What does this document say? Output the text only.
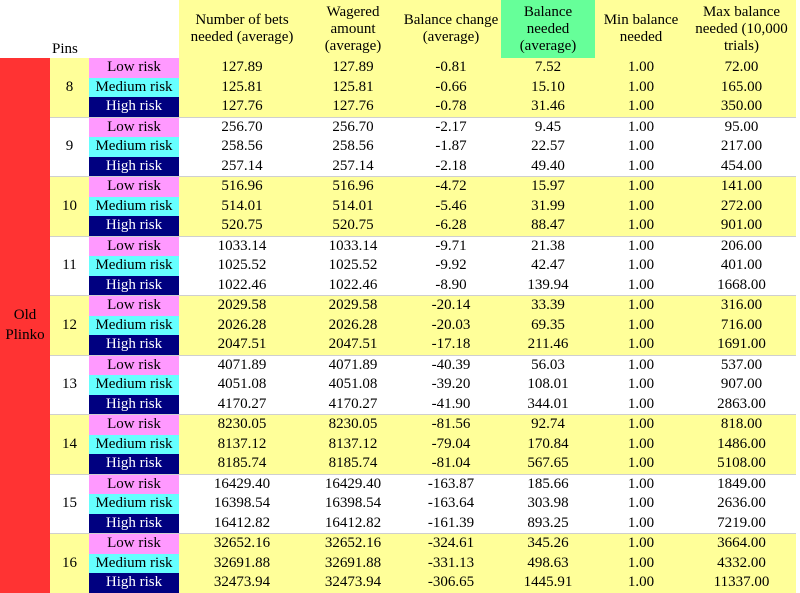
	Pins		Number of bets needed (average)	Wagered amount (average)	Balance change (average)	Balance needed (average)	Min balance needed	Max balance needed (10,000 trials)
Old Plinko	8	Low risk	127.89	127.89	-0.81	7.52	1.00	72.00
		Medium risk	125.81	125.81	-0.66	15.10	1.00	165.00
		High risk	127.76	127.76	-0.78	31.46	1.00	350.00
	9	Low risk	256.70	256.70	-2.17	9.45	1.00	95.00
		Medium risk	258.56	258.56	-1.87	22.57	1.00	217.00
		High risk	257.14	257.14	-2.18	49.40	1.00	454.00
	10	Low risk	516.96	516.96	-4.72	15.97	1.00	141.00
		Medium risk	514.01	514.01	-5.46	31.99	1.00	272.00
		High risk	520.75	520.75	-6.28	88.47	1.00	901.00
	11	Low risk	1033.14	1033.14	-9.71	21.38	1.00	206.00
		Medium risk	1025.52	1025.52	-9.92	42.47	1.00	401.00
		High risk	1022.46	1022.46	-8.90	139.94	1.00	1668.00
	12	Low risk	2029.58	2029.58	-20.14	33.39	1.00	316.00
		Medium risk	2026.28	2026.28	-20.03	69.35	1.00	716.00
		High risk	2047.51	2047.51	-17.18	211.46	1.00	1691.00
	13	Low risk	4071.89	4071.89	-40.39	56.03	1.00	537.00
		Medium risk	4051.08	4051.08	-39.20	108.01	1.00	907.00
		High risk	4170.27	4170.27	-41.90	344.01	1.00	2863.00
	14	Low risk	8230.05	8230.05	-81.56	92.74	1.00	818.00
		Medium risk	8137.12	8137.12	-79.04	170.84	1.00	1486.00
		High risk	8185.74	8185.74	-81.04	567.65	1.00	5108.00
	15	Low risk	16429.40	16429.40	-163.87	185.66	1.00	1849.00
		Medium risk	16398.54	16398.54	-163.64	303.98	1.00	2636.00
		High risk	16412.82	16412.82	-161.39	893.25	1.00	7219.00
	16	Low risk	32652.16	32652.16	-324.61	345.26	1.00	3664.00
		Medium risk	32691.88	32691.88	-331.13	498.63	1.00	4332.00
		High risk	32473.94	32473.94	-306.65	1445.91	1.00	11337.00
